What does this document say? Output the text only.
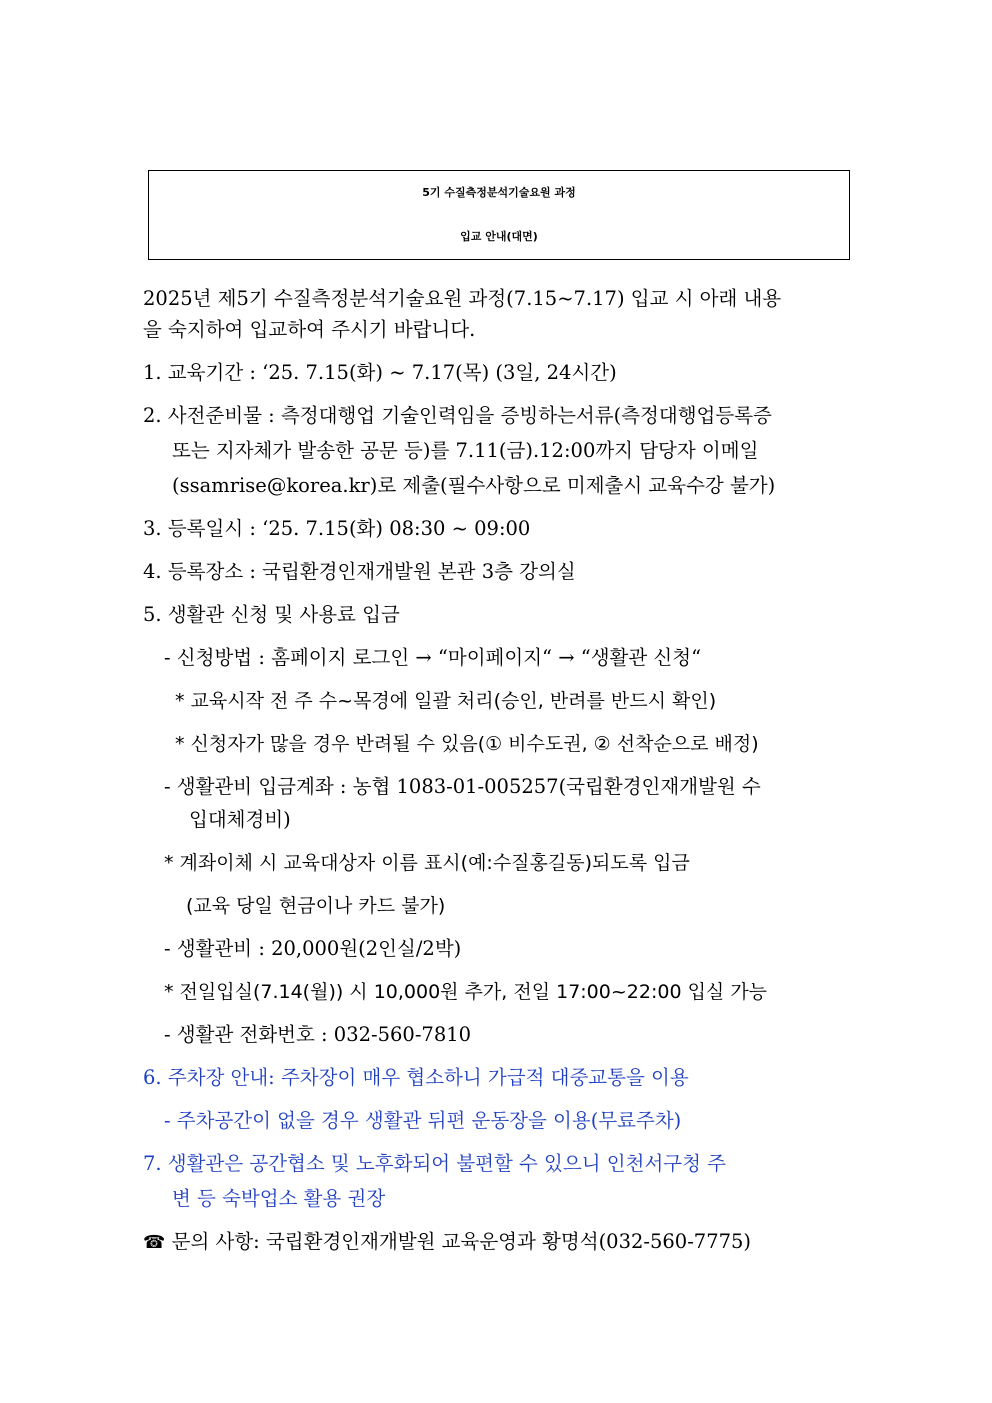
5기 수질측정분석기술요원 과정
입교 안내(대면)
2025년 제5기 수질측정분석기술요원 과정(7.15~7.17) 입교 시 아래 내용
을 숙지하여 입교하여 주시기 바랍니다.
1. 교육기간 : ‘25. 7.15(화) ~ 7.17(목) (3일, 24시간)
2. 사전준비물 : 측정대행업 기술인력임을 증빙하는서류(측정대행업등록증
또는 지자체가 발송한 공문 등)를 7.11(금).12:00까지 담당자 이메일
(ssamrise@korea.kr)로 제출(필수사항으로 미제출시 교육수강 불가)
3. 등록일시 : ‘25. 7.15(화) 08:30 ~ 09:00
4. 등록장소 : 국립환경인재개발원 본관 3층 강의실
5. 생활관 신청 및 사용료 입금
- 신청방법 : 홈페이지 로그인 → “마이페이지“ → “생활관 신청“
* 교육시작 전 주 수~목경에 일괄 처리(승인, 반려를 반드시 확인)
* 신청자가 많을 경우 반려될 수 있음(① 비수도권, ② 선착순으로 배정)
- 생활관비 입금계좌 : 농협 1083-01-005257(국립환경인재개발원 수
입대체경비)
* 계좌이체 시 교육대상자 이름 표시(예:수질홍길동)되도록 입금
(교육 당일 현금이나 카드 불가)
- 생활관비 : 20,000원(2인실/2박)
* 전일입실(7.14(월)) 시 10,000원 추가, 전일 17:00~22:00 입실 가능
- 생활관 전화번호 : 032-560-7810
6. 주차장 안내: 주차장이 매우 협소하니 가급적 대중교통을 이용
- 주차공간이 없을 경우 생활관 뒤편 운동장을 이용(무료주차)
7. 생활관은 공간협소 및 노후화되어 불편할 수 있으니 인천서구청 주
변 등 숙박업소 활용 권장
☎ 문의 사항: 국립환경인재개발원 교육운영과 황명석(032-560-7775)
